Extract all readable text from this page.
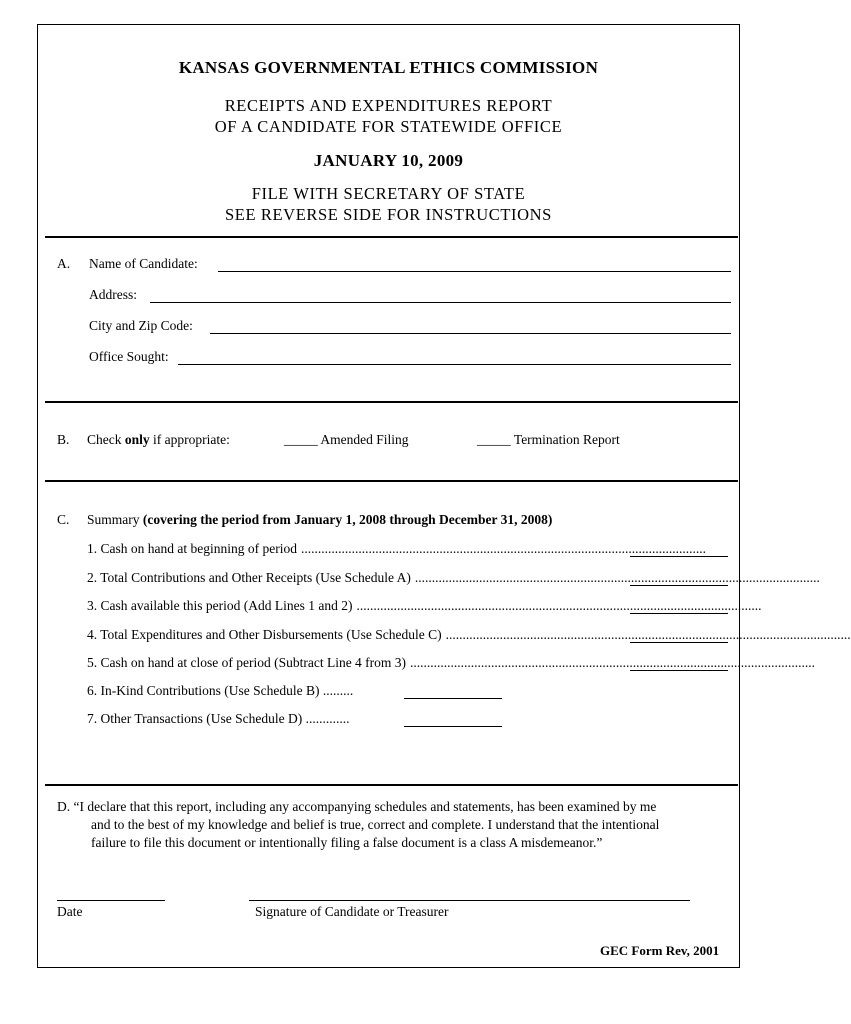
KANSAS GOVERNMENTAL ETHICS COMMISSION
RECEIPTS AND EXPENDITURES REPORT
OF A CANDIDATE FOR STATEWIDE OFFICE
JANUARY 10, 2009
FILE WITH SECRETARY OF STATE
SEE REVERSE SIDE FOR INSTRUCTIONS
A. Name of Candidate:
Address:
City and Zip Code:
Office Sought:
B. Check only if appropriate:	_____ Amended Filing	_____ Termination Report
C. Summary (covering the period from January 1, 2008 through December 31, 2008)
1. Cash on hand at beginning of period ........................................................................................................................
2. Total Contributions and Other Receipts (Use Schedule A) ........................................................................................................................
3. Cash available this period (Add Lines 1 and 2) ........................................................................................................................
4. Total Expenditures and Other Disbursements (Use Schedule C) ........................................................................................................................
5. Cash on hand at close of period (Subtract Line 4 from 3) ........................................................................................................................
6. In-Kind Contributions (Use Schedule B) .........
7. Other Transactions (Use Schedule D) .............
D. “I declare that this report, including any accompanying schedules and statements, has been examined by me
and to the best of my knowledge and belief is true, correct and complete. I understand that the intentional
failure to file this document or intentionally filing a false document is a class A misdemeanor.”
Date	Signature of Candidate or Treasurer
GEC Form Rev, 2001
